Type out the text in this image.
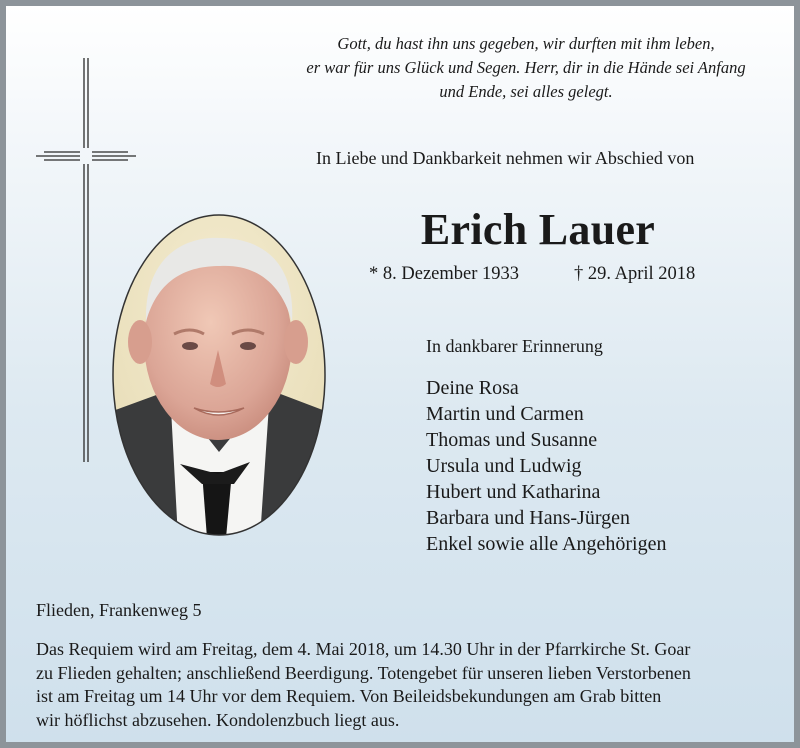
Gott, du hast ihn uns gegeben, wir durften mit ihm leben,
er war für uns Glück und Segen. Herr, dir in die Hände sei Anfang
und Ende, sei alles gelegt.
In Liebe und Dankbarkeit nehmen wir Abschied von
Erich Lauer
* 8. Dezember 1933	† 29. April 2018
In dankbarer Erinnerung
Deine Rosa
Martin und Carmen
Thomas und Susanne
Ursula und Ludwig
Hubert und Katharina
Barbara und Hans-Jürgen
Enkel sowie alle Angehörigen
Flieden, Frankenweg 5
Das Requiem wird am Freitag, dem 4. Mai 2018, um 14.30 Uhr in der Pfarrkirche St. Goar
zu Flieden gehalten; anschließend Beerdigung. Totengebet für unseren lieben Verstorbenen
ist am Freitag um 14 Uhr vor dem Requiem. Von Beileidsbekundungen am Grab bitten
wir höflichst abzusehen. Kondolenzbuch liegt aus.
